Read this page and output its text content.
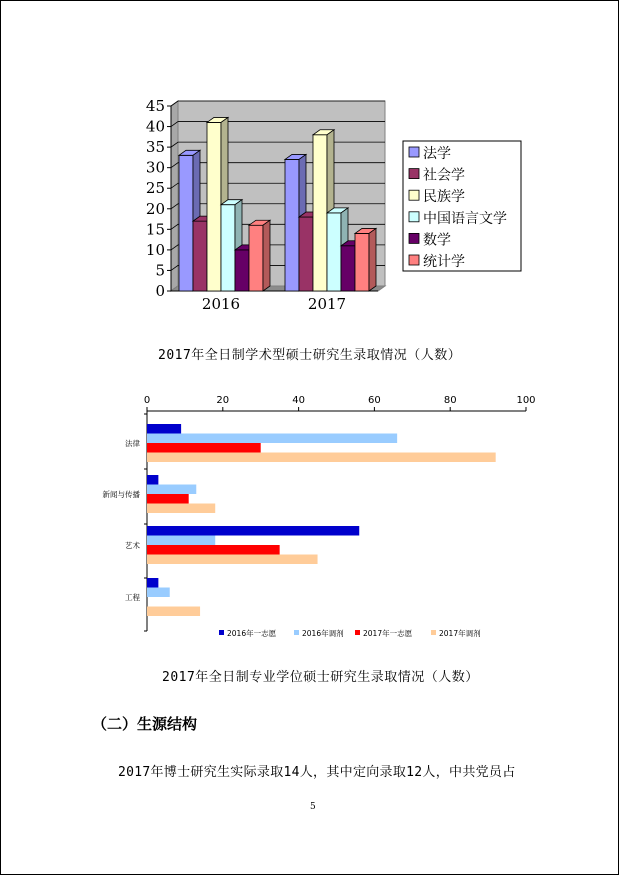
0
5
10
15
20
25
30
35
40
45
2016	2017
法学
社会学
民族学
中国语言文学
数学
统计学
2017年全日制学术型硕士研究生录取情况（人数）
0	20	40	60	80	100
法律
新闻与传播
艺术
工程
2016年一志愿	2016年调剂	2017年一志愿	2017年调剂
2017年全日制专业学位硕士研究生录取情况（人数）
（二）生源结构
2017年博士研究生实际录取14人，其中定向录取12人，中共党员占
5
